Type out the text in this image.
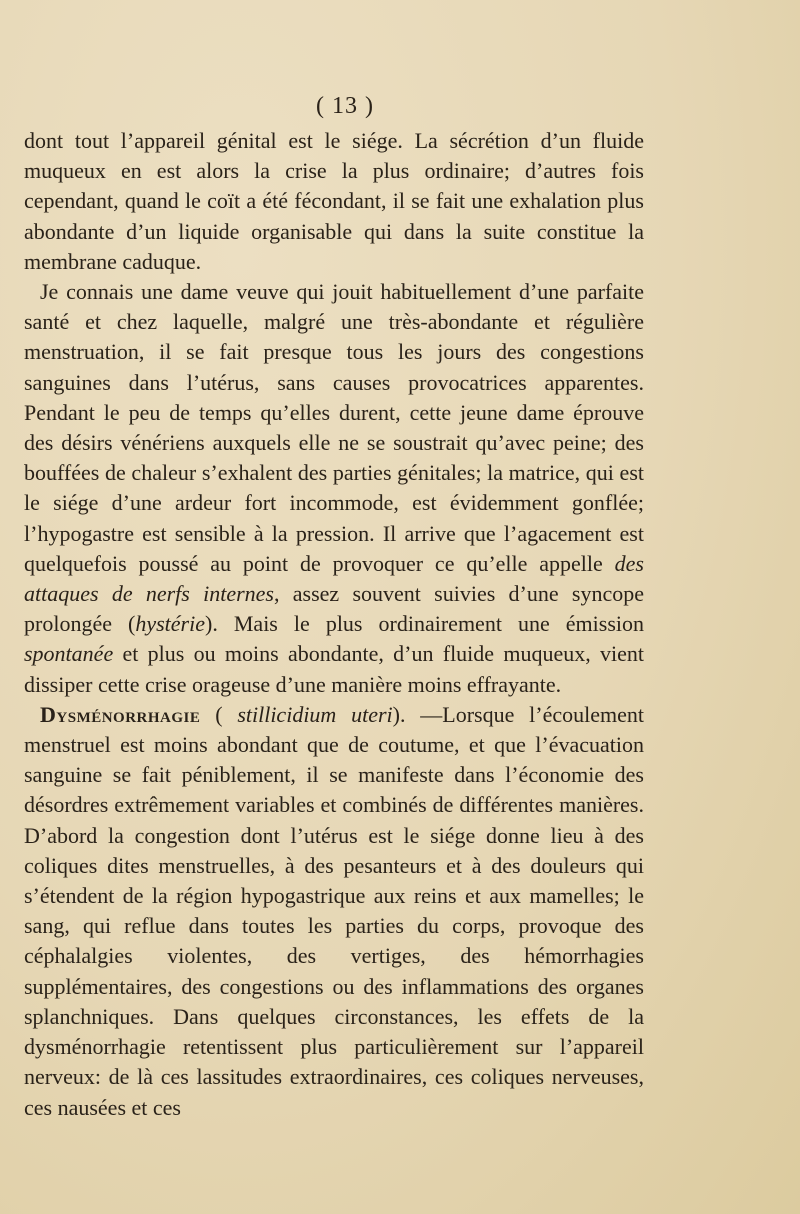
( 13 )

dont tout l’appareil génital est le siége. La sécrétion d’un fluide muqueux en est alors la crise la plus ordinaire; d’autres fois cependant, quand le coït a été fécondant, il se fait une exhalation plus abondante d’un liquide organisable qui dans la suite constitue la membrane caduque.

Je connais une dame veuve qui jouit habituellement d’une parfaite santé et chez laquelle, malgré une très-abondante et régulière menstruation, il se fait presque tous les jours des congestions sanguines dans l’utérus, sans causes provocatrices apparentes. Pendant le peu de temps qu’elles durent, cette jeune dame éprouve des désirs vénériens auxquels elle ne se soustrait qu’avec peine; des bouffées de chaleur s’exhalent des parties génitales; la matrice, qui est le siége d’une ardeur fort incommode, est évidemment gonflée; l’hypogastre est sensible à la pression. Il arrive que l’agacement est quelquefois poussé au point de provoquer ce qu’elle appelle des attaques de nerfs internes, assez souvent suivies d’une syncope prolongée (hystérie). Mais le plus ordinairement une émission spontanée et plus ou moins abondante, d’un fluide muqueux, vient dissiper cette crise orageuse d’une manière moins effrayante.

Dysménorrhagie ( stillicidium uteri). —Lorsque l’écoulement menstruel est moins abondant que de coutume, et que l’évacuation sanguine se fait péniblement, il se manifeste dans l’économie des désordres extrêmement variables et combinés de différentes manières. D’abord la congestion dont l’utérus est le siége donne lieu à des coliques dites menstruelles, à des pesanteurs et à des douleurs qui s’étendent de la région hypogastrique aux reins et aux mamelles; le sang, qui reflue dans toutes les parties du corps, provoque des céphalalgies violentes, des vertiges, des hémorrhagies supplémentaires, des congestions ou des inflammations des organes splanchniques. Dans quelques circonstances, les effets de la dysménorrhagie retentissent plus particulièrement sur l’appareil nerveux: de là ces lassitudes extraordinaires, ces coliques nerveuses, ces nausées et ces
